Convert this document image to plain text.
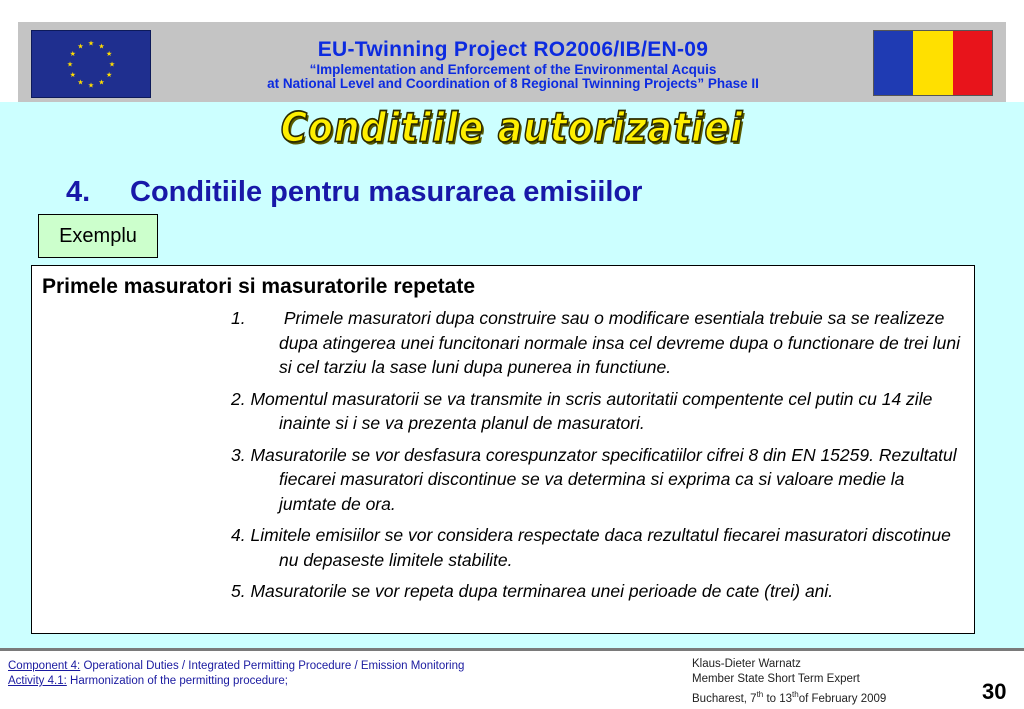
★ ★
★
★
★
★
★
★
★
★
★
★	EU-Twinning Project RO2006/IB/EN-09
“Implementation and Enforcement of the Environmental Acquis
at National Level and Coordination of 8 Regional Twinning Projects” Phase II
Conditiile autorizatiei
4. Conditiile pentru masurarea emisiilor
Exemplu
Primele masuratori si masuratorile repetate
1. Primele masuratori dupa construire sau o modificare esentiala trebuie sa se realizeze dupa atingerea unei funcitonari normale insa cel devreme dupa o functionare de trei luni si cel tarziu la sase luni dupa punerea in functiune.
2. Momentul masuratorii se va transmite in scris autoritatii compentente cel putin cu 14 zile inainte si i se va prezenta planul de masuratori.
3. Masuratorile se vor desfasura corespunzator specificatiilor cifrei 8 din EN 15259. Rezultatul fiecarei masuratori discontinue se va determina si exprima ca si valoare medie la jumtate de ora.
4. Limitele emisiilor se vor considera respectate daca rezultatul fiecarei masuratori discotinue nu depaseste limitele stabilite.
5. Masuratorile se vor repeta dupa terminarea unei perioade de cate (trei) ani.
Component 4: Operational Duties / Integrated Permitting Procedure / Emission Monitoring
Activity 4.1: Harmonization of the permitting procedure;
Klaus-Dieter Warnatz
Member State Short Term Expert
Bucharest, 7th to 13thof February 2009	30
